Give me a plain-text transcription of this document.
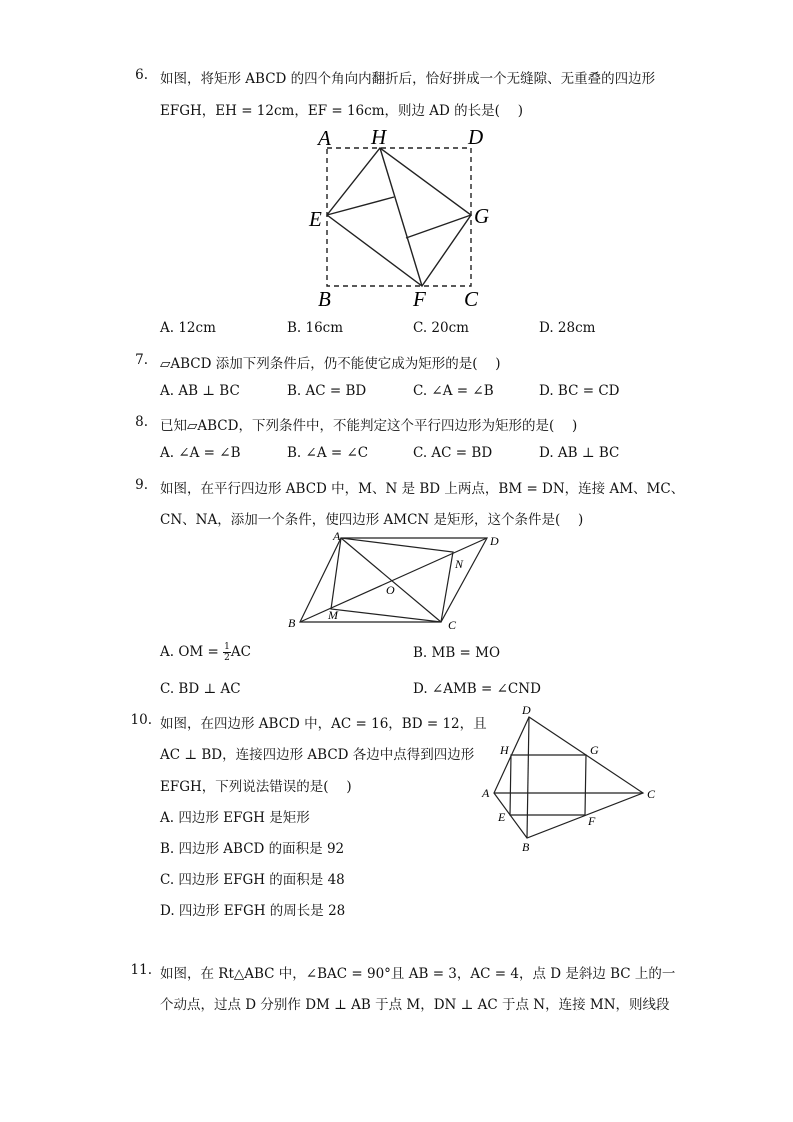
6. 如图，将矩形 ABCD 的四个角向内翻折后，恰好拼成一个无缝隙、无重叠的四边形
EFGH，EH = 12cm，EF = 16cm，则边 AD 的长是(　 )
A H	D
E	G
B	F C
A. 12cm	B. 16cm	C. 20cm	D. 28cm
7. ▱ABCD 添加下列条件后，仍不能使它成为矩形的是(　 )
A. AB ⊥ BC	B. AC = BD	C. ∠A = ∠B	D. BC = CD
8. 已知▱ABCD，下列条件中，不能判定这个平行四边形为矩形的是(　 )
A. ∠A = ∠B	B. ∠A = ∠C	C. AC = BD	D. AB ⊥ BC
9. 如图，在平行四边形 ABCD 中，M、N 是 BD 上两点，BM = DN，连接 AM、MC、
CN、NA，添加一个条件，使四边形 AMCN 是矩形，这个条件是(　 )
A	D
N
O
B
M
C
A. OM = $\frac{1}{2}$ AC	B. MB = MO
C. BD ⊥ AC	D. ∠AMB = ∠CND
10. 如图，在四边形 ABCD 中，AC = 16，BD = 12，且
AC ⊥ BD，连接四边形 ABCD 各边中点得到四边形
EFGH，下列说法错误的是(　 )
D
H	G
A	C
E	F
B
A. 四边形 EFGH 是矩形
B. 四边形 ABCD 的面积是 92
C. 四边形 EFGH 的面积是 48
D. 四边形 EFGH 的周长是 28
11. 如图，在 Rt△ABC 中，∠BAC = 90°且 AB = 3，AC = 4，点 D 是斜边 BC 上的一
个动点，过点 D 分别作 DM ⊥ AB 于点 M，DN ⊥ AC 于点 N，连接 MN，则线段
